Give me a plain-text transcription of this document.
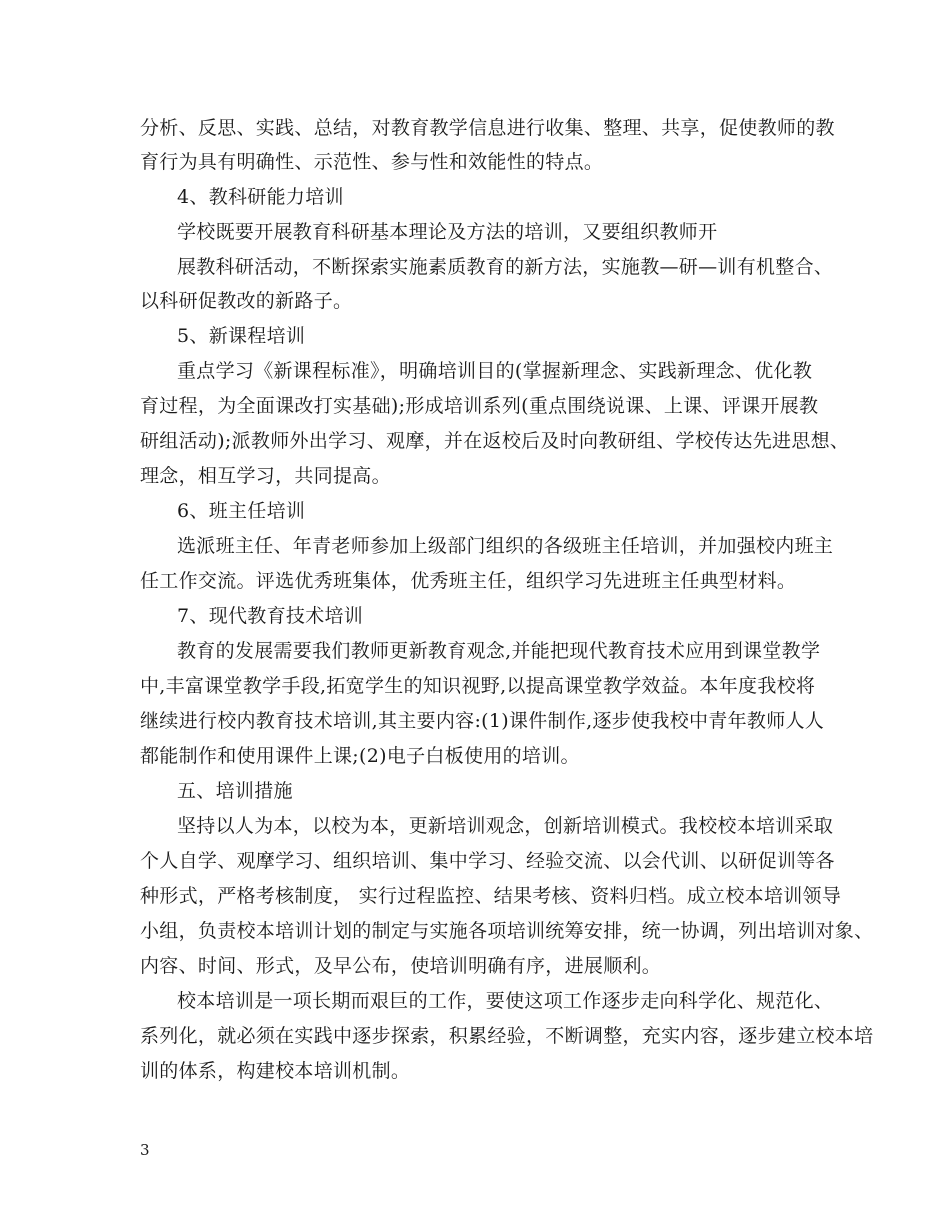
分析、反思、实践、总结，对教育教学信息进行收集、整理、共享，促使教师的教
育行为具有明确性、示范性、参与性和效能性的特点。
4、教科研能力培训
学校既要开展教育科研基本理论及方法的培训，又要组织教师开
展教科研活动，不断探索实施素质教育的新方法，实施教—研—训有机整合、
以科研促教改的新路子。
5、新课程培训
重点学习《新课程标准》，明确培训目的(掌握新理念、实践新理念、优化教
育过程，为全面课改打实基础);形成培训系列(重点围绕说课、上课、评课开展教
研组活动);派教师外出学习、观摩，并在返校后及时向教研组、学校传达先进思想、
理念，相互学习，共同提高。
6、班主任培训
选派班主任、年青老师参加上级部门组织的各级班主任培训，并加强校内班主
任工作交流。评选优秀班集体，优秀班主任，组织学习先进班主任典型材料。
7、现代教育技术培训
教育的发展需要我们教师更新教育观念,并能把现代教育技术应用到课堂教学
中,丰富课堂教学手段,拓宽学生的知识视野,以提高课堂教学效益。本年度我校将
继续进行校内教育技术培训,其主要内容:(1)课件制作,逐步使我校中青年教师人人
都能制作和使用课件上课;(2)电子白板使用的培训。
五、培训措施
坚持以人为本，以校为本，更新培训观念，创新培训模式。我校校本培训采取
个人自学、观摩学习、组织培训、集中学习、经验交流、以会代训、以研促训等各
种形式，严格考核制度， 实行过程监控、结果考核、资料归档。成立校本培训领导
小组，负责校本培训计划的制定与实施各项培训统筹安排，统一协调，列出培训对象、
内容、时间、形式，及早公布，使培训明确有序，进展顺利。
校本培训是一项长期而艰巨的工作，要使这项工作逐步走向科学化、规范化、
系列化，就必须在实践中逐步探索，积累经验，不断调整，充实内容，逐步建立校本培
训的体系，构建校本培训机制。
3
